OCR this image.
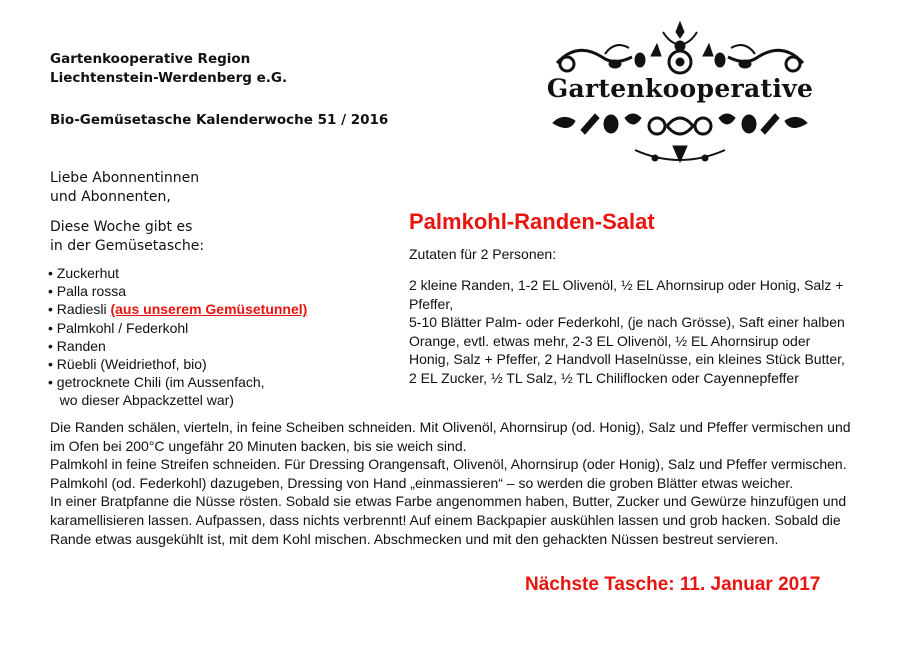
Gartenkooperative Region
Liechtenstein-Werdenberg e.G.
Bio-Gemüsetasche Kalenderwoche 51 / 2016
Gartenkooperative
Liebe Abonnentinnen
und Abonnenten,
Diese Woche gibt es
in der Gemüsetasche:
• Zuckerhut
• Palla rossa
• Radiesli (aus unserem Gemüsetunnel)
• Palmkohl / Federkohl
• Randen
• Rüebli (Weidriethof, bio)
• getrocknete Chili (im Aussenfach,
wo dieser Abpackzettel war)
Palmkohl-Randen-Salat
Zutaten für 2 Personen:
2 kleine Randen, 1-2 EL Olivenöl, ½ EL Ahornsirup oder Honig, Salz + Pfeffer,
5-10 Blätter Palm- oder Federkohl, (je nach Grösse), Saft einer halben Orange, evtl. etwas mehr, 2-3 EL Olivenöl, ½ EL Ahornsirup oder Honig, Salz + Pfeffer, 2 Handvoll Haselnüsse, ein kleines Stück Butter, 2 EL Zucker, ½ TL Salz, ½ TL Chiliflocken oder Cayennepfeffer

Die Randen schälen, vierteln, in feine Scheiben schneiden. Mit Olivenöl, Ahornsirup (od. Honig), Salz und Pfeffer vermischen und im Ofen bei 200°C ungefähr 20 Minuten backen, bis sie weich sind.

Palmkohl in feine Streifen schneiden. Für Dressing Orangensaft, Olivenöl, Ahornsirup (oder Honig), Salz und Pfeffer vermischen. Palmkohl (od. Federkohl) dazugeben, Dressing von Hand „einmassieren“ – so werden die groben Blätter etwas weicher.

In einer Bratpfanne die Nüsse rösten. Sobald sie etwas Farbe angenommen haben, Butter, Zucker und Gewürze hinzufügen und karamellisieren lassen. Aufpassen, dass nichts verbrennt! Auf einem Backpapier auskühlen lassen und grob hacken. Sobald die Rande etwas ausgekühlt ist, mit dem Kohl mischen. Abschmecken und mit den gehackten Nüssen bestreut servieren.

Nächste Tasche: 11. Januar 2017
